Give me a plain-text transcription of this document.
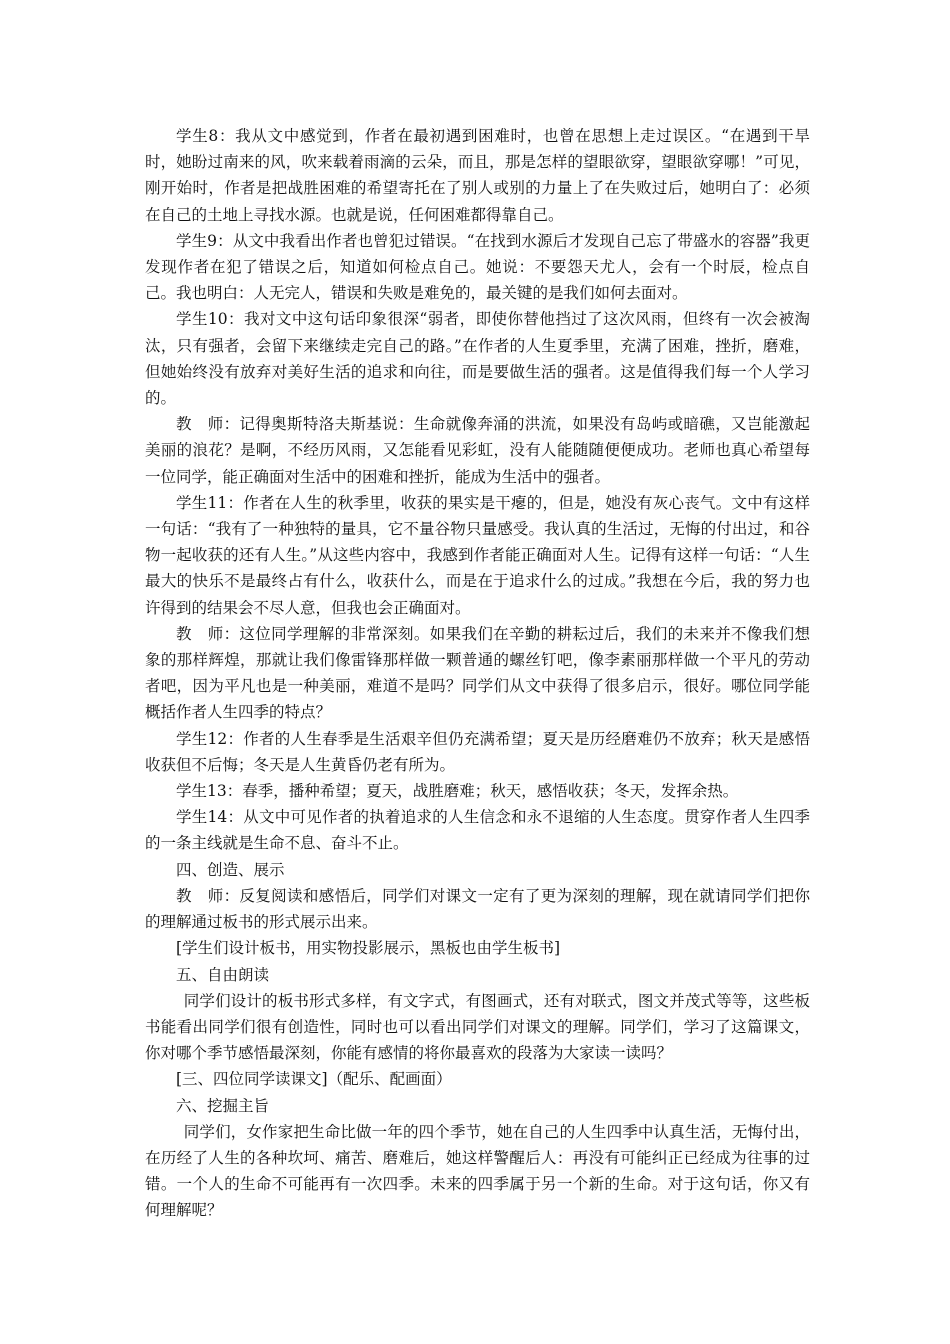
学生8：我从文中感觉到，作者在最初遇到困难时，也曾在思想上走过误区。“在遇到干旱时，她盼过南来的风，吹来载着雨滴的云朵，而且，那是怎样的望眼欲穿，望眼欲穿哪！”可见，刚开始时，作者是把战胜困难的希望寄托在了别人或别的力量上了在失败过后，她明白了：必须在自己的土地上寻找水源。也就是说，任何困难都得靠自己。

学生9：从文中我看出作者也曾犯过错误。“在找到水源后才发现自己忘了带盛水的容器”我更发现作者在犯了错误之后，知道如何检点自己。她说：不要怨天尤人，会有一个时辰，检点自己。我也明白：人无完人，错误和失败是难免的，最关键的是我们如何去面对。

学生10：我对文中这句话印象很深“弱者，即使你替他挡过了这次风雨，但终有一次会被淘汰，只有强者，会留下来继续走完自己的路。”在作者的人生夏季里，充满了困难，挫折，磨难，但她始终没有放弃对美好生活的追求和向往，而是要做生活的强者。这是值得我们每一个人学习的。

教　师：记得奥斯特洛夫斯基说：生命就像奔涌的洪流，如果没有岛屿或暗礁，又岂能激起美丽的浪花？是啊，不经历风雨，又怎能看见彩虹，没有人能随随便便成功。老师也真心希望每一位同学，能正确面对生活中的困难和挫折，能成为生活中的强者。

学生11：作者在人生的秋季里，收获的果实是干瘪的，但是，她没有灰心丧气。文中有这样一句话：“我有了一种独特的量具，它不量谷物只量感受。我认真的生活过，无悔的付出过，和谷物一起收获的还有人生。”从这些内容中，我感到作者能正确面对人生。记得有这样一句话：“人生最大的快乐不是最终占有什么，收获什么，而是在于追求什么的过成。”我想在今后，我的努力也许得到的结果会不尽人意，但我也会正确面对。

教　师：这位同学理解的非常深刻。如果我们在辛勤的耕耘过后，我们的未来并不像我们想象的那样辉煌，那就让我们像雷锋那样做一颗普通的螺丝钉吧，像李素丽那样做一个平凡的劳动者吧，因为平凡也是一种美丽，难道不是吗？同学们从文中获得了很多启示，很好。哪位同学能概括作者人生四季的特点？

学生12：作者的人生春季是生活艰辛但仍充满希望；夏天是历经磨难仍不放弃；秋天是感悟收获但不后悔；冬天是人生黄昏仍老有所为。

学生13：春季，播种希望；夏天，战胜磨难；秋天，感悟收获；冬天，发挥余热。

学生14：从文中可见作者的执着追求的人生信念和永不退缩的人生态度。贯穿作者人生四季的一条主线就是生命不息、奋斗不止。

四、创造、展示

教　师：反复阅读和感悟后，同学们对课文一定有了更为深刻的理解，现在就请同学们把你的理解通过板书的形式展示出来。

[学生们设计板书，用实物投影展示，黑板也由学生板书]

五、自由朗读

同学们设计的板书形式多样，有文字式，有图画式，还有对联式，图文并茂式等等，这些板书能看出同学们很有创造性，同时也可以看出同学们对课文的理解。同学们，学习了这篇课文，你对哪个季节感悟最深刻，你能有感情的将你最喜欢的段落为大家读一读吗？

[三、四位同学读课文]（配乐、配画面）

六、挖掘主旨

同学们，女作家把生命比做一年的四个季节，她在自己的人生四季中认真生活，无悔付出，在历经了人生的各种坎坷、痛苦、磨难后，她这样警醒后人：再没有可能纠正已经成为往事的过错。一个人的生命不可能再有一次四季。未来的四季属于另一个新的生命。对于这句话，你又有何理解呢？
